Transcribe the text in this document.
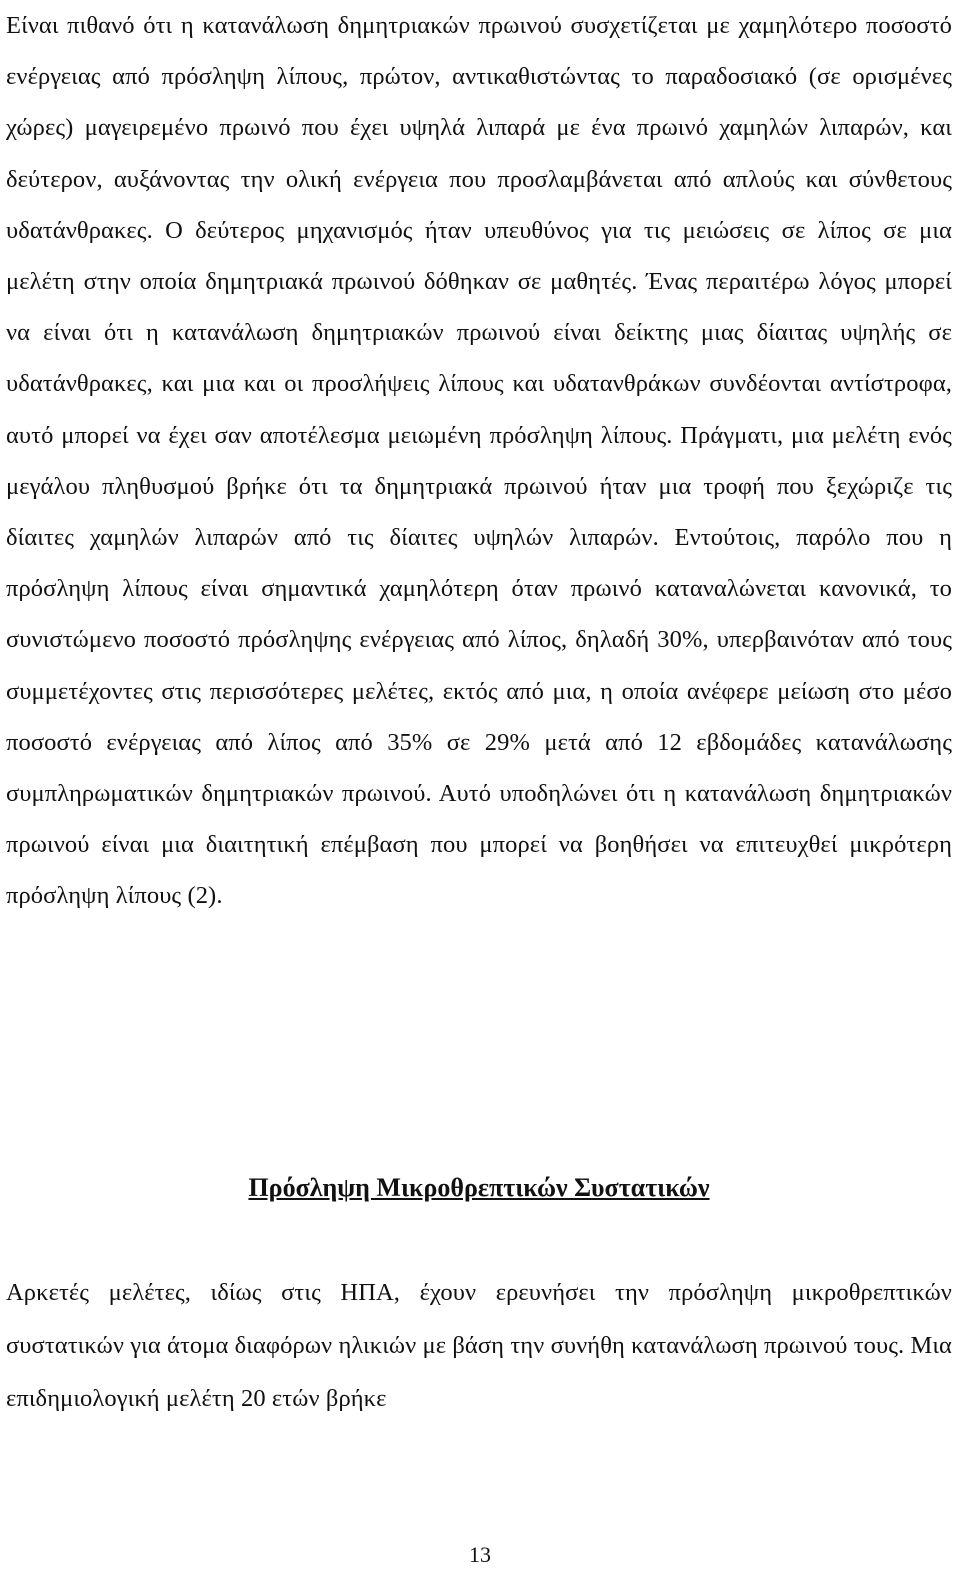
Είναι πιθανό ότι η κατανάλωση δημητριακών πρωινού συσχετίζεται με χαμηλότερο ποσοστό ενέργειας από πρόσληψη λίπους, πρώτον, αντικαθιστώντας το παραδοσιακό (σε ορισμένες χώρες) μαγειρεμένο πρωινό που έχει υψηλά λιπαρά με ένα πρωινό χαμηλών λιπαρών, και δεύτερον, αυξάνοντας την ολική ενέργεια που προσλαμβάνεται από απλούς και σύνθετους υδατάνθρακες. Ο δεύτερος μηχανισμός ήταν υπευθύνος για τις μειώσεις σε λίπος σε μια μελέτη στην οποία δημητριακά πρωινού δόθηκαν σε μαθητές. Ένας περαιτέρω λόγος μπορεί να είναι ότι η κατανάλωση δημητριακών πρωινού είναι δείκτης μιας δίαιτας υψηλής σε υδατάνθρακες, και μια και οι προσλήψεις λίπους και υδατανθράκων συνδέονται αντίστροφα, αυτό μπορεί να έχει σαν αποτέλεσμα μειωμένη πρόσληψη λίπους. Πράγματι, μια μελέτη ενός μεγάλου πληθυσμού βρήκε ότι τα δημητριακά πρωινού ήταν μια τροφή που ξεχώριζε τις δίαιτες χαμηλών λιπαρών από τις δίαιτες υψηλών λιπαρών. Εντούτοις, παρόλο που η πρόσληψη λίπους είναι σημαντικά χαμηλότερη όταν πρωινό καταναλώνεται κανονικά, το συνιστώμενο ποσοστό πρόσληψης ενέργειας από λίπος, δηλαδή 30%, υπερβαινόταν από τους συμμετέχοντες στις περισσότερες μελέτες, εκτός από μια, η οποία ανέφερε μείωση στο μέσο ποσοστό ενέργειας από λίπος από 35% σε 29% μετά από 12 εβδομάδες κατανάλωσης συμπληρωματικών δημητριακών πρωινού. Αυτό υποδηλώνει ότι η κατανάλωση δημητριακών πρωινού είναι μια διαιτητική επέμβαση που μπορεί να βοηθήσει να επιτευχθεί μικρότερη πρόσληψη λίπους (2).

Πρόσληψη Μικροθρεπτικών Συστατικών

Αρκετές μελέτες, ιδίως στις ΗΠΑ, έχουν ερευνήσει την πρόσληψη μικροθρεπτικών συστατικών για άτομα διαφόρων ηλικιών με βάση την συνήθη κατανάλωση πρωινού τους. Μια επιδημιολογική μελέτη 20 ετών βρήκε

13
